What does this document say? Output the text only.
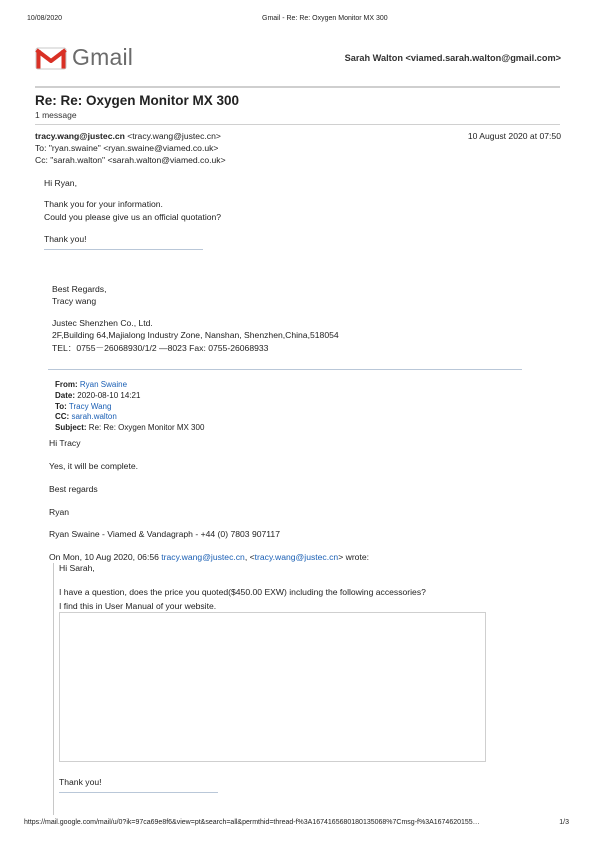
10/08/2020	Gmail - Re: Re: Oxygen Monitor MX 300
Gmail	Sarah Walton <viamed.sarah.walton@gmail.com>
Re: Re: Oxygen Monitor MX 300
1 message
tracy.wang@justec.cn <tracy.wang@justec.cn>	10 August 2020 at 07:50
To: "ryan.swaine" <ryan.swaine@viamed.co.uk>
Cc: "sarah.walton" <sarah.walton@viamed.co.uk>
Hi Ryan,
Thank you for your information.
Could you please give us an official quotation?
Thank you!
Best Regards,
Tracy wang
Justec Shenzhen Co., Ltd.
2F,Building 64,Majialong Industry Zone, Nanshan, Shenzhen,China,518054
TEL：0755－26068930/1/2 —8023 Fax: 0755-26068933
From: Ryan Swaine
Date: 2020-08-10 14:21
To: Tracy Wang
CC: sarah.walton
Subject: Re: Re: Oxygen Monitor MX 300
Hi Tracy
Yes, it will be complete.
Best regards
Ryan
Ryan Swaine - Viamed & Vandagraph - +44 (0) 7803 907117
On Mon, 10 Aug 2020, 06:56 tracy.wang@justec.cn, <tracy.wang@justec.cn> wrote:
Hi Sarah,
I have a question, does the price you quoted($450.00 EXW) including the following accessories?
I find this in User Manual of your website.
Thank you!
https://mail.google.com/mail/u/0?ik=97ca69e8f6&view=pt&search=all&permthid=thread-f%3A1674165680180135068%7Cmsg-f%3A1674620155…	1/3
